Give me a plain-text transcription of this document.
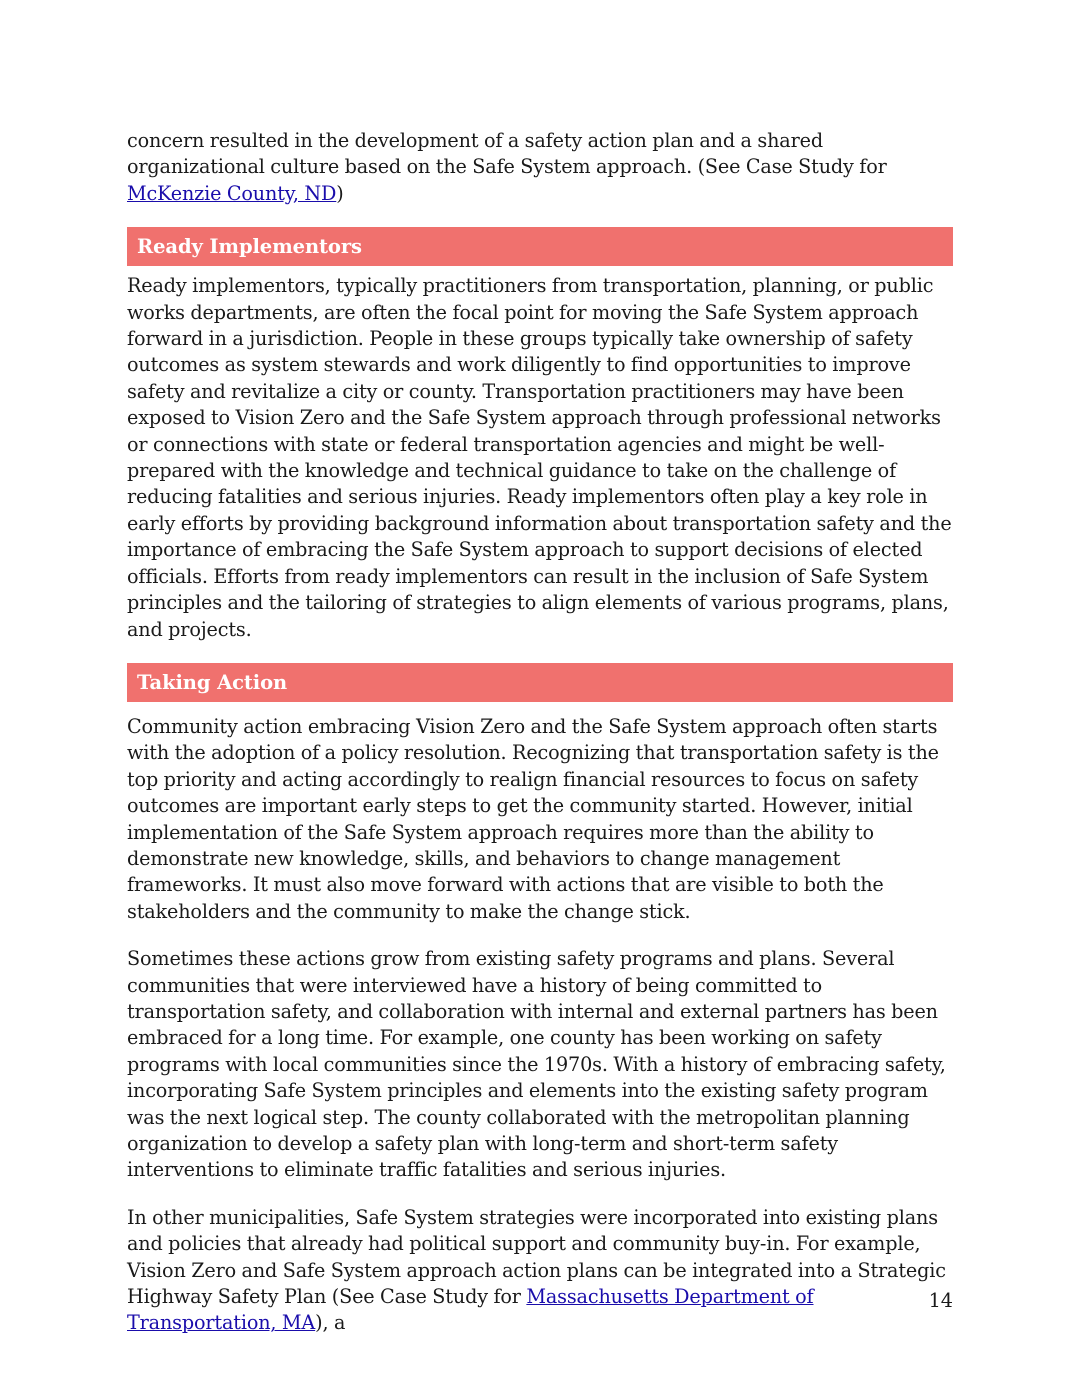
concern resulted in the development of a safety action plan and a shared organizational culture based on the Safe System approach. (See Case Study for McKenzie County, ND)

Ready Implementors

Ready implementors, typically practitioners from transportation, planning, or public works departments, are often the focal point for moving the Safe System approach forward in a jurisdiction. People in these groups typically take ownership of safety outcomes as system stewards and work diligently to find opportunities to improve safety and revitalize a city or county. Transportation practitioners may have been exposed to Vision Zero and the Safe System approach through professional networks or connections with state or federal transportation agencies and might be well-prepared with the knowledge and technical guidance to take on the challenge of reducing fatalities and serious injuries. Ready implementors often play a key role in early efforts by providing background information about transportation safety and the importance of embracing the Safe System approach to support decisions of elected officials. Efforts from ready implementors can result in the inclusion of Safe System principles and the tailoring of strategies to align elements of various programs, plans, and projects.

Taking Action

Community action embracing Vision Zero and the Safe System approach often starts with the adoption of a policy resolution. Recognizing that transportation safety is the top priority and acting accordingly to realign financial resources to focus on safety outcomes are important early steps to get the community started. However, initial implementation of the Safe System approach requires more than the ability to demonstrate new knowledge, skills, and behaviors to change management frameworks. It must also move forward with actions that are visible to both the stakeholders and the community to make the change stick.

Sometimes these actions grow from existing safety programs and plans. Several communities that were interviewed have a history of being committed to transportation safety, and collaboration with internal and external partners has been embraced for a long time. For example, one county has been working on safety programs with local communities since the 1970s. With a history of embracing safety, incorporating Safe System principles and elements into the existing safety program was the next logical step. The county collaborated with the metropolitan planning organization to develop a safety plan with long-term and short-term safety interventions to eliminate traffic fatalities and serious injuries.

In other municipalities, Safe System strategies were incorporated into existing plans and policies that already had political support and community buy-in. For example, Vision Zero and Safe System approach action plans can be integrated into a Strategic Highway Safety Plan (See Case Study for Massachusetts Department of Transportation, MA), a

14
